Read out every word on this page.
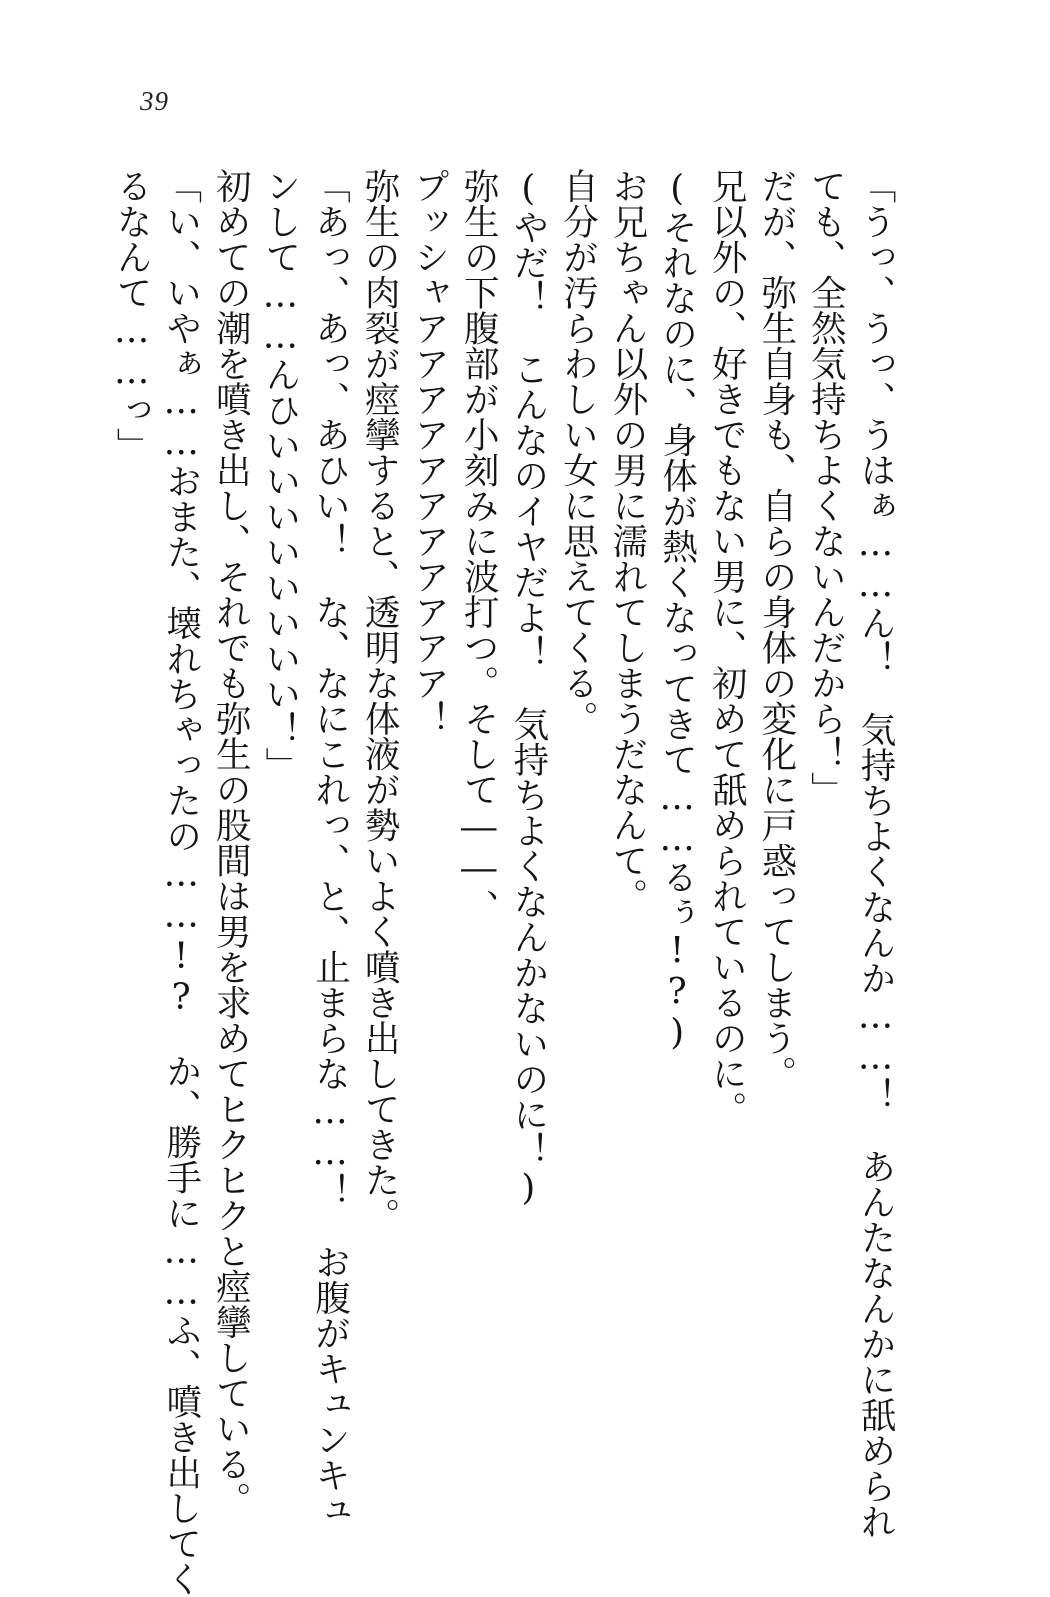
39
「うっ、うっ、うはぁ……ん！　気持ちよくなんか……！　あんたなんかに舐められ
ても、全然気持ちよくないんだから！」
だが、弥生自身も、自らの身体の変化に戸惑ってしまう。
兄以外の、好きでもない男に、初めて舐められているのに。
(それなのに、身体が熱くなってきて……るぅ!?)
お兄ちゃん以外の男に濡れてしまうだなんて。
自分が汚らわしい女に思えてくる。
(やだ！　こんなのイヤだよ！　気持ちよくなんかないのに！)
弥生の下腹部が小刻みに波打つ。そして――、
プッシャアアアアアアアアアアア！
弥生の肉裂が痙攣すると、透明な体液が勢いよく噴き出してきた。
「あっ、あっ、あひい！　な、なにこれっ、と、止まらな……！　お腹がキュンキュ
ンして……んひいいいいいいいい！」
初めての潮を噴き出し、それでも弥生の股間は男を求めてヒクヒクと痙攣している。
「い、いやぁ……おまた、壊れちゃったの……!?　か、勝手に……ふ、噴き出してく
るなんて……っ」
